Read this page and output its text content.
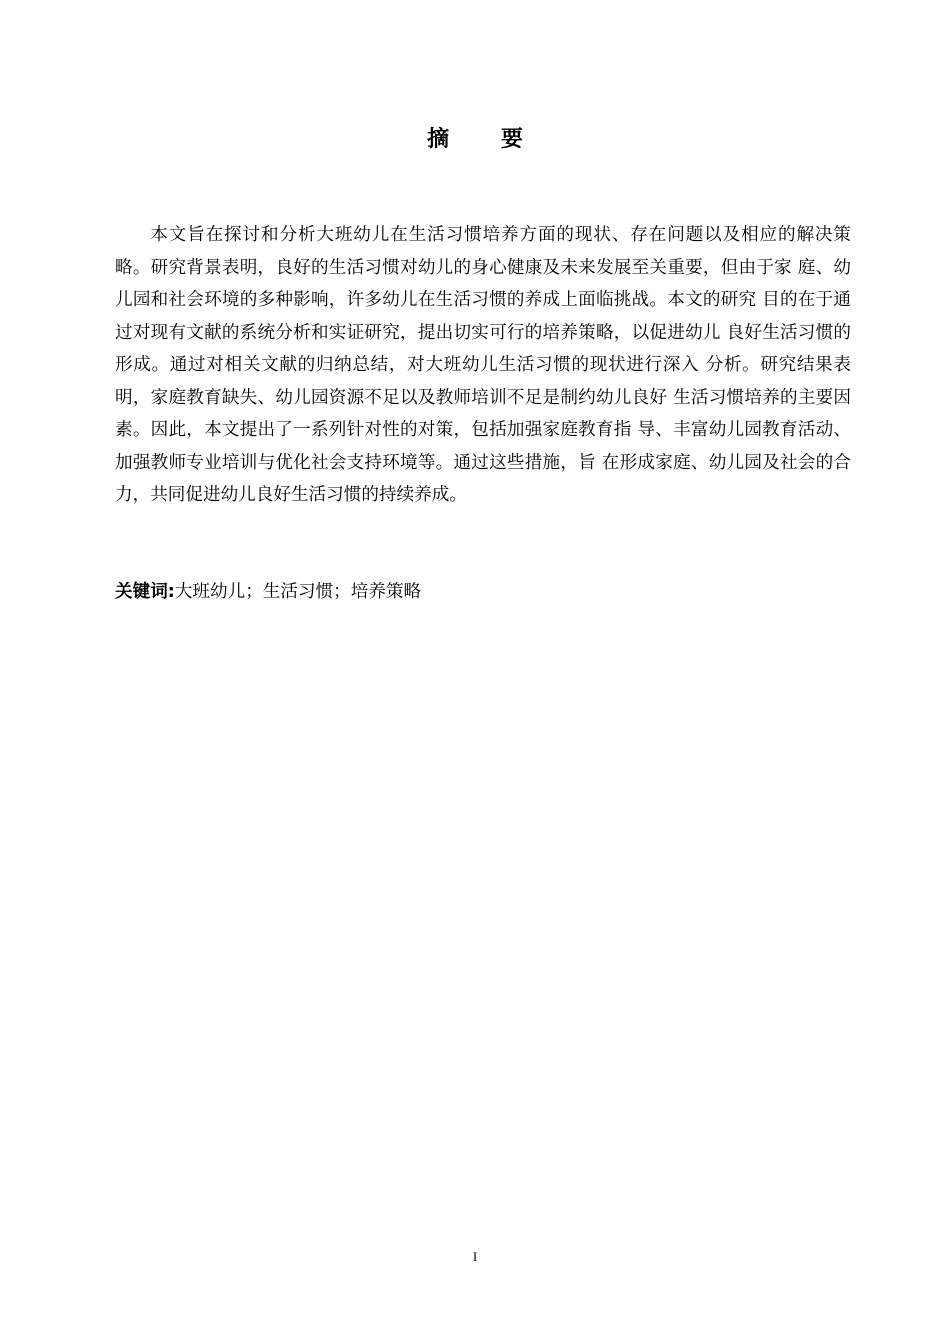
摘 要

本文旨在探讨和分析大班幼儿在生活习惯培养方面的现状、存在问题以及相应的解决策略。研究背景表明，良好的生活习惯对幼儿的身心健康及未来发展至关重要，但由于家 庭、幼儿园和社会环境的多种影响，许多幼儿在生活习惯的养成上面临挑战。本文的研究 目的在于通过对现有文献的系统分析和实证研究，提出切实可行的培养策略，以促进幼儿 良好生活习惯的形成。通过对相关文献的归纳总结，对大班幼儿生活习惯的现状进行深入 分析。研究结果表明，家庭教育缺失、幼儿园资源不足以及教师培训不足是制约幼儿良好 生活习惯培养的主要因素。因此，本文提出了一系列针对性的对策，包括加强家庭教育指 导、丰富幼儿园教育活动、加强教师专业培训与优化社会支持环境等。通过这些措施，旨 在形成家庭、幼儿园及社会的合力，共同促进幼儿良好生活习惯的持续养成。

关键词:大班幼儿；生活习惯；培养策略

I
